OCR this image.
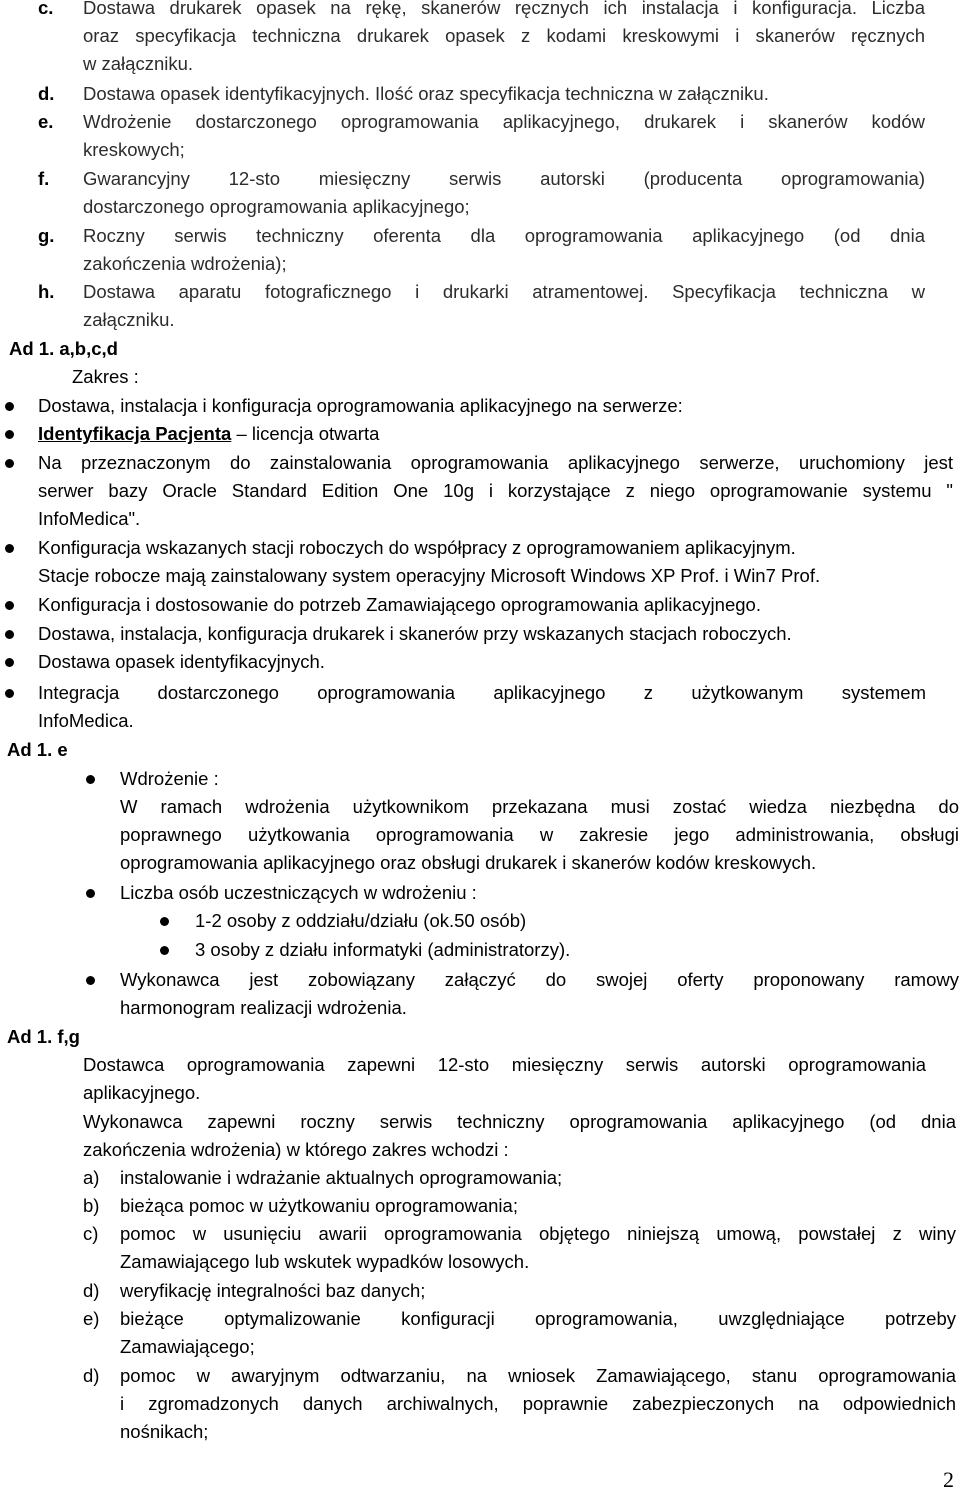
c. Dostawa drukarek opasek na rękę, skanerów ręcznych ich instalacja i konfiguracja. Liczba
oraz specyfikacja techniczna drukarek opasek z kodami kreskowymi i skanerów ręcznych
w załączniku.
d. Dostawa opasek identyfikacyjnych. Ilość oraz specyfikacja techniczna w załączniku.
e. Wdrożenie dostarczonego oprogramowania aplikacyjnego, drukarek i skanerów kodów
kreskowych;
f. Gwarancyjny 12-sto miesięczny serwis autorski (producenta oprogramowania)
dostarczonego oprogramowania aplikacyjnego;
g. Roczny serwis techniczny oferenta dla oprogramowania aplikacyjnego (od dnia
zakończenia wdrożenia);
h. Dostawa aparatu fotograficznego i drukarki atramentowej. Specyfikacja techniczna w
załączniku.
Ad 1. a,b,c,d
Zakres :
Dostawa, instalacja i konfiguracja oprogramowania aplikacyjnego na serwerze:
Identyfikacja Pacjenta – licencja otwarta
Na przeznaczonym do zainstalowania oprogramowania aplikacyjnego serwerze, uruchomiony jest
serwer bazy Oracle Standard Edition One 10g i korzystające z niego oprogramowanie systemu "
InfoMedica".
Konfiguracja wskazanych stacji roboczych do współpracy z oprogramowaniem aplikacyjnym.
Stacje robocze mają zainstalowany system operacyjny Microsoft Windows XP Prof. i Win7 Prof.
Konfiguracja i dostosowanie do potrzeb Zamawiającego oprogramowania aplikacyjnego.
Dostawa, instalacja, konfiguracja drukarek i skanerów przy wskazanych stacjach roboczych.
Dostawa opasek identyfikacyjnych.
Integracja dostarczonego oprogramowania aplikacyjnego z użytkowanym systemem
InfoMedica.
Ad 1. e
Wdrożenie :
W ramach wdrożenia użytkownikom przekazana musi zostać wiedza niezbędna do
poprawnego użytkowania oprogramowania w zakresie jego administrowania, obsługi
oprogramowania aplikacyjnego oraz obsługi drukarek i skanerów kodów kreskowych.
Liczba osób uczestniczących w wdrożeniu :
1-2 osoby z oddziału/działu (ok.50 osób)
3 osoby z działu informatyki (administratorzy).
Wykonawca jest zobowiązany załączyć do swojej oferty proponowany ramowy
harmonogram realizacji wdrożenia.
Ad 1. f,g
Dostawca oprogramowania zapewni 12-sto miesięczny serwis autorski oprogramowania
aplikacyjnego.
Wykonawca zapewni roczny serwis techniczny oprogramowania aplikacyjnego (od dnia
zakończenia wdrożenia) w którego zakres wchodzi :
a) instalowanie i wdrażanie aktualnych oprogramowania;
b) bieżąca pomoc w użytkowaniu oprogramowania;
c) pomoc w usunięciu awarii oprogramowania objętego niniejszą umową, powstałej z winy
Zamawiającego lub wskutek wypadków losowych.
d) weryfikację integralności baz danych;
e) bieżące optymalizowanie konfiguracji oprogramowania, uwzględniające potrzeby
Zamawiającego;
d) pomoc w awaryjnym odtwarzaniu, na wniosek Zamawiającego, stanu oprogramowania
i zgromadzonych danych archiwalnych, poprawnie zabezpieczonych na odpowiednich
nośnikach;
2
